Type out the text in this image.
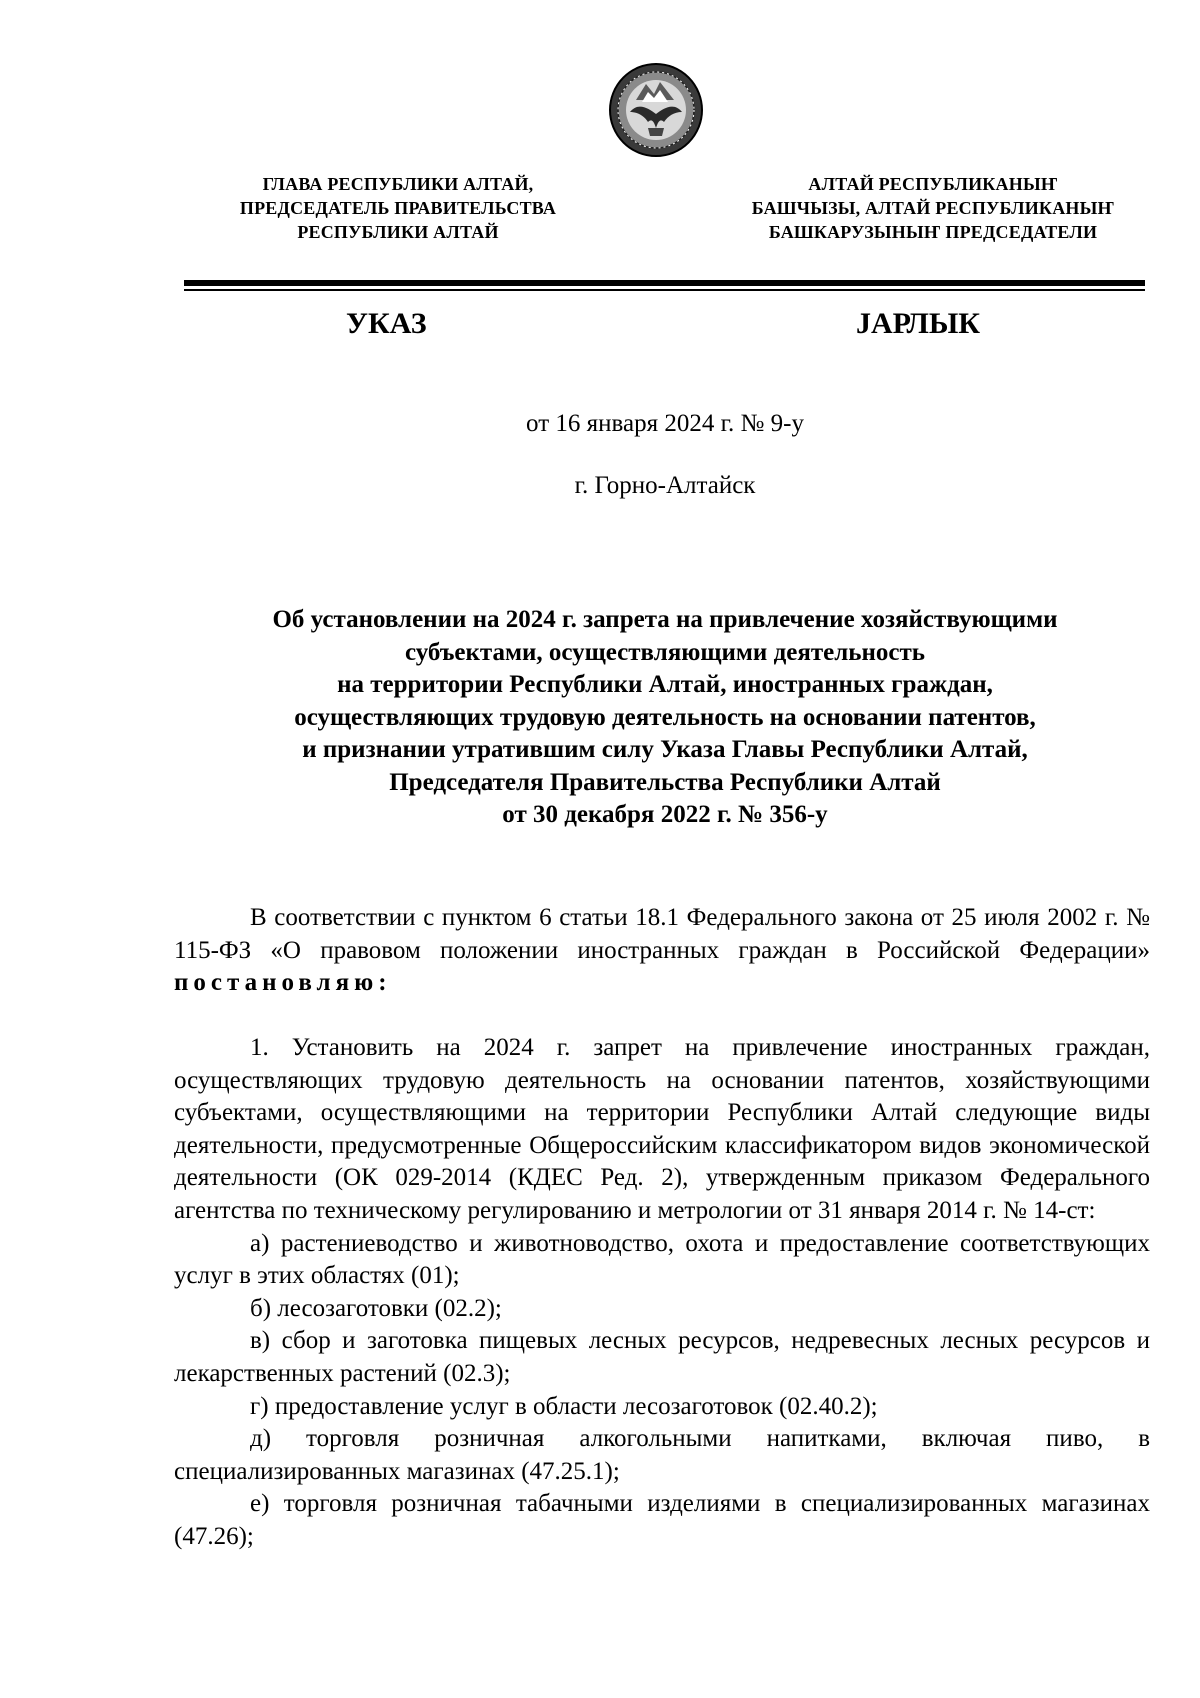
ГЛАВА РЕСПУБЛИКИ АЛТАЙ,
ПРЕДСЕДАТЕЛЬ ПРАВИТЕЛЬСТВА
РЕСПУБЛИКИ АЛТАЙ
АЛТАЙ РЕСПУБЛИКАНЫҤ
БАШЧЫЗЫ, АЛТАЙ РЕСПУБЛИКАНЫҤ
БАШКАРУЗЫНЫҤ ПРЕДСЕДАТЕЛИ
УКАЗ	ЈАРЛЫК
от 16 января 2024 г. № 9-у
г. Горно-Алтайск
Об установлении на 2024 г. запрета на привлечение хозяйствующими
субъектами, осуществляющими деятельность
на территории Республики Алтай, иностранных граждан,
осуществляющих трудовую деятельность на основании патентов,
и признании утратившим силу Указа Главы Республики Алтай,
Председателя Правительства Республики Алтай
от 30 декабря 2022 г. № 356-у

В соответствии с пунктом 6 статьи 18.1 Федерального закона от 25 июля 2002 г. № 115-ФЗ «О правовом положении иностранных граждан в Российской Федерации» постановляю:

1. Установить на 2024 г. запрет на привлечение иностранных граждан, осуществляющих трудовую деятельность на основании патентов, хозяйствующими субъектами, осуществляющими на территории Республики Алтай следующие виды деятельности, предусмотренные Общероссийским классификатором видов экономической деятельности (ОК 029-2014 (КДЕС Ред. 2), утвержденным приказом Федерального агентства по техническому регулированию и метрологии от 31 января 2014 г. № 14-ст:

а) растениеводство и животноводство, охота и предоставление соответствующих услуг в этих областях (01);

б) лесозаготовки (02.2);

в) сбор и заготовка пищевых лесных ресурсов, недревесных лесных ресурсов и лекарственных растений (02.3);

г) предоставление услуг в области лесозаготовок (02.40.2);

д) торговля розничная алкогольными напитками, включая пиво, в специализированных магазинах (47.25.1);

е) торговля розничная табачными изделиями в специализированных магазинах (47.26);
